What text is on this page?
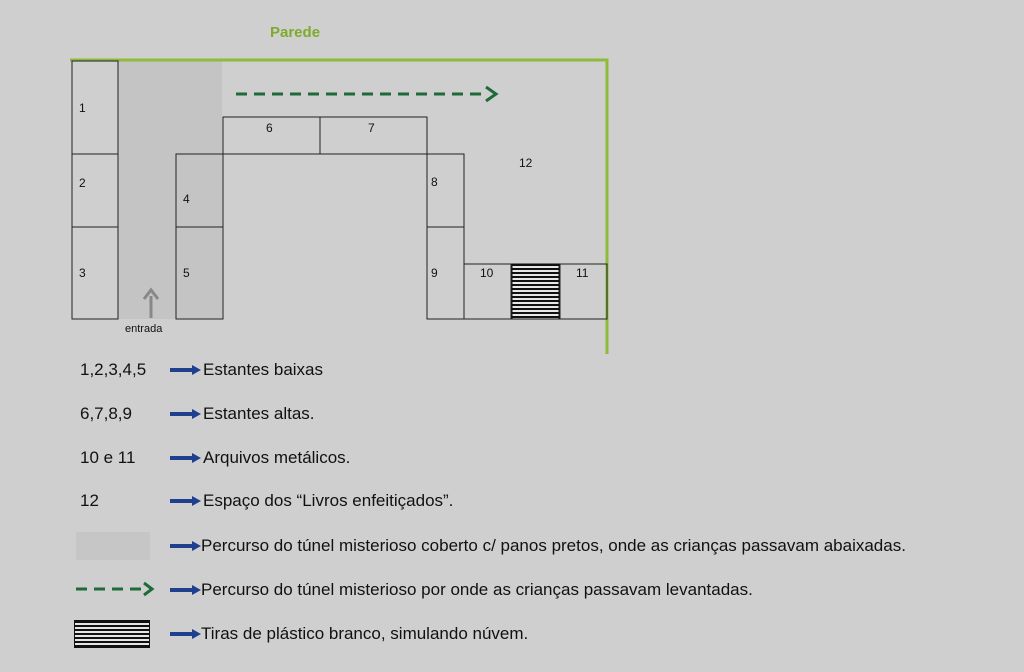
Parede
1
2
3
4
5
6	7
8
9	10	11
12
entrada
1,2,3,4,5	Estantes baixas
6,7,8,9	Estantes altas.
10 e 11	Arquivos metálicos.
12	Espaço dos “Livros enfeitiçados”.
Percurso do túnel misterioso coberto c/ panos pretos, onde as crianças passavam abaixadas.
Percurso do túnel misterioso por onde as crianças passavam levantadas.
Tiras de plástico branco, simulando núvem.
